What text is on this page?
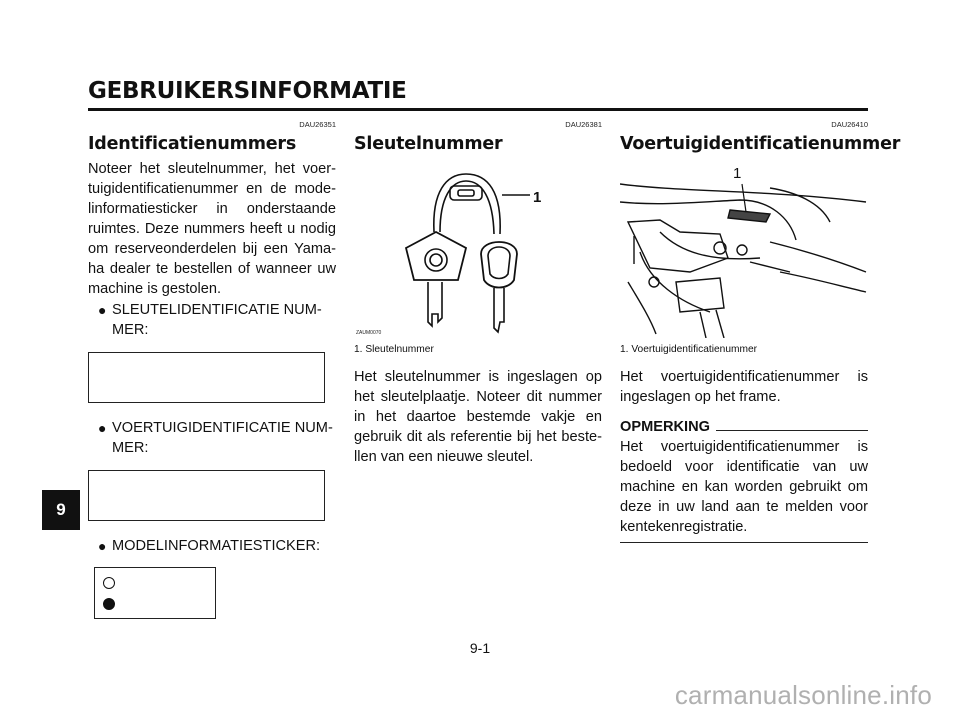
GEBRUIKERSINFORMATIE
9
DAU26351
Identificatienummers
Noteer het sleutelnummer, het voer-tuigidentificatienummer en de mode-linformatiesticker in onderstaande ruimtes. Deze nummers heeft u nodig om reserveonderdelen bij een Yama-ha dealer te bestellen of wanneer uw machine is gestolen.
● SLEUTELIDENTIFICATIE NUM-MER:
● VOERTUIGIDENTIFICATIE NUM-MER:
● MODELINFORMATIESTICKER:
DAU26381
Sleutelnummer
1
ZAUM0070
1. Sleutelnummer
Het sleutelnummer is ingeslagen op het sleutelplaatje. Noteer dit nummer in het daartoe bestemde vakje en gebruik dit als referentie bij het beste-llen van een nieuwe sleutel.
DAU26410
Voertuigidentificatienummer
1
1. Voertuigidentificatienummer
Het voertuigidentificatienummer is ingeslagen op het frame.
OPMERKING
Het voertuigidentificatienummer is bedoeld voor identificatie van uw machine en kan worden gebruikt om deze in uw land aan te melden voor kentekenregistratie.
9-1
carmanualsonline.info
